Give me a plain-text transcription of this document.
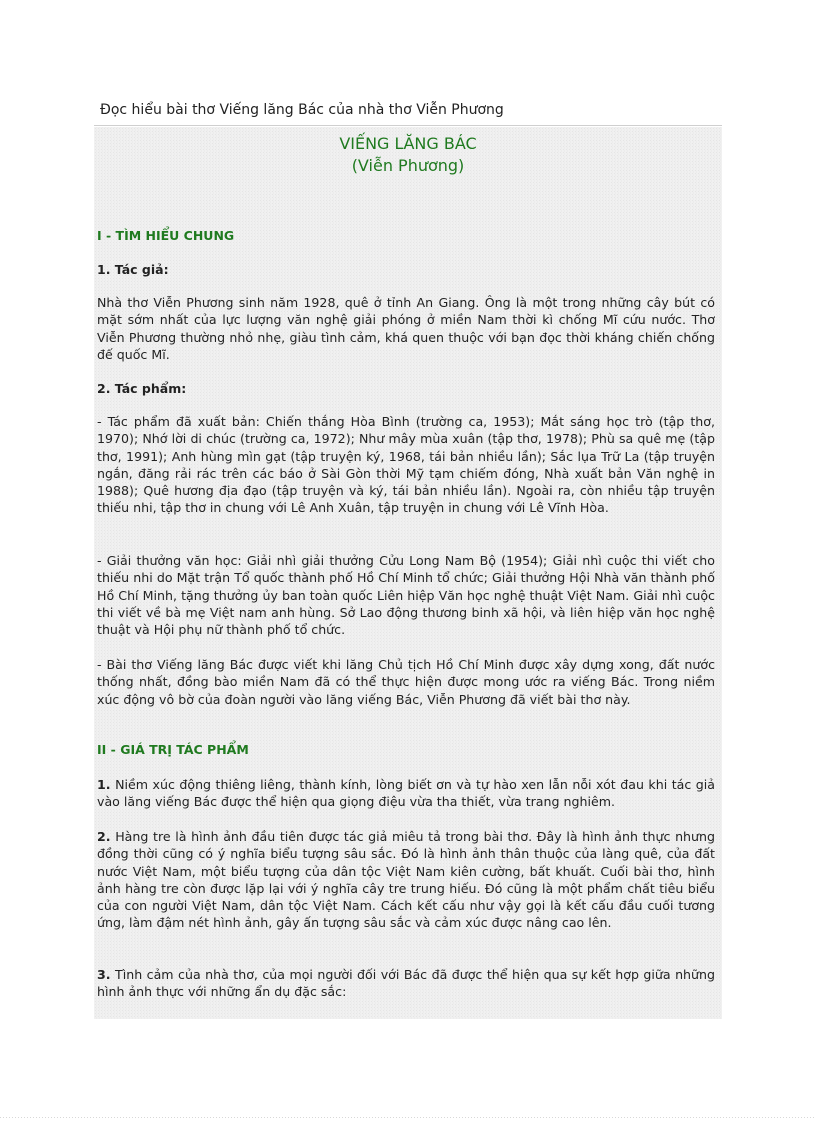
Đọc hiểu bài thơ Viếng lăng Bác của nhà thơ Viễn Phương
VIẾNG LĂNG BÁC
(Viễn Phương)
I - TÌM HIỂU CHUNG
1. Tác giả:

Nhà thơ Viễn Phương sinh năm 1928, quê ở tỉnh An Giang. Ông là một trong những cây bút có mặt sớm nhất của lực lượng văn nghệ giải phóng ở miền Nam thời kì chống Mĩ cứu nước. Thơ Viễn Phương thường nhỏ nhẹ, giàu tình cảm, khá quen thuộc với bạn đọc thời kháng chiến chống đế quốc Mĩ.

2. Tác phẩm:

- Tác phẩm đã xuất bản: Chiến thắng Hòa Bình (trường ca, 1953); Mắt sáng học trò (tập thơ, 1970); Nhớ lời di chúc (trường ca, 1972); Như mây mùa xuân (tập thơ, 1978); Phù sa quê mẹ (tập thơ, 1991); Anh hùng mìn gạt (tập truyện ký, 1968, tái bản nhiều lần); Sắc lụa Trữ La (tập truyện ngắn, đăng rải rác trên các báo ở Sài Gòn thời Mỹ tạm chiếm đóng, Nhà xuất bản Văn nghệ in 1988); Quê hương địa đạo (tập truyện và ký, tái bản nhiều lần). Ngoài ra, còn nhiều tập truyện thiếu nhi, tập thơ in chung với Lê Anh Xuân, tập truyện in chung với Lê Vĩnh Hòa.

- Giải thưởng văn học: Giải nhì giải thưởng Cửu Long Nam Bộ (1954); Giải nhì cuộc thi viết cho thiếu nhi do Mặt trận Tổ quốc thành phố Hồ Chí Minh tổ chức; Giải thưởng Hội Nhà văn thành phố Hồ Chí Minh, tặng thưởng ủy ban toàn quốc Liên hiệp Văn học nghệ thuật Việt Nam. Giải nhì cuộc thi viết về bà mẹ Việt nam anh hùng. Sở Lao động thương binh xã hội, và liên hiệp văn học nghệ thuật và Hội phụ nữ thành phố tổ chức.

- Bài thơ Viếng lăng Bác được viết khi lăng Chủ tịch Hồ Chí Minh được xây dựng xong, đất nước thống nhất, đồng bào miền Nam đã có thể thực hiện được mong ước ra viếng Bác. Trong niềm xúc động vô bờ của đoàn người vào lăng viếng Bác, Viễn Phương đã viết bài thơ này.

II - GIÁ TRỊ TÁC PHẨM

1. Niềm xúc động thiêng liêng, thành kính, lòng biết ơn và tự hào xen lẫn nỗi xót đau khi tác giả vào lăng viếng Bác được thể hiện qua giọng điệu vừa tha thiết, vừa trang nghiêm.

2. Hàng tre là hình ảnh đầu tiên được tác giả miêu tả trong bài thơ. Đây là hình ảnh thực nhưng đồng thời cũng có ý nghĩa biểu tượng sâu sắc. Đó là hình ảnh thân thuộc của làng quê, của đất nước Việt Nam, một biểu tượng của dân tộc Việt Nam kiên cường, bất khuất. Cuối bài thơ, hình ảnh hàng tre còn được lặp lại với ý nghĩa cây tre trung hiếu. Đó cũng là một phẩm chất tiêu biểu của con người Việt Nam, dân tộc Việt Nam. Cách kết cấu như vậy gọi là kết cấu đầu cuối tương ứng, làm đậm nét hình ảnh, gây ấn tượng sâu sắc và cảm xúc được nâng cao lên.

3. Tình cảm của nhà thơ, của mọi người đối với Bác đã được thể hiện qua sự kết hợp giữa những hình ảnh thực với những ẩn dụ đặc sắc:
